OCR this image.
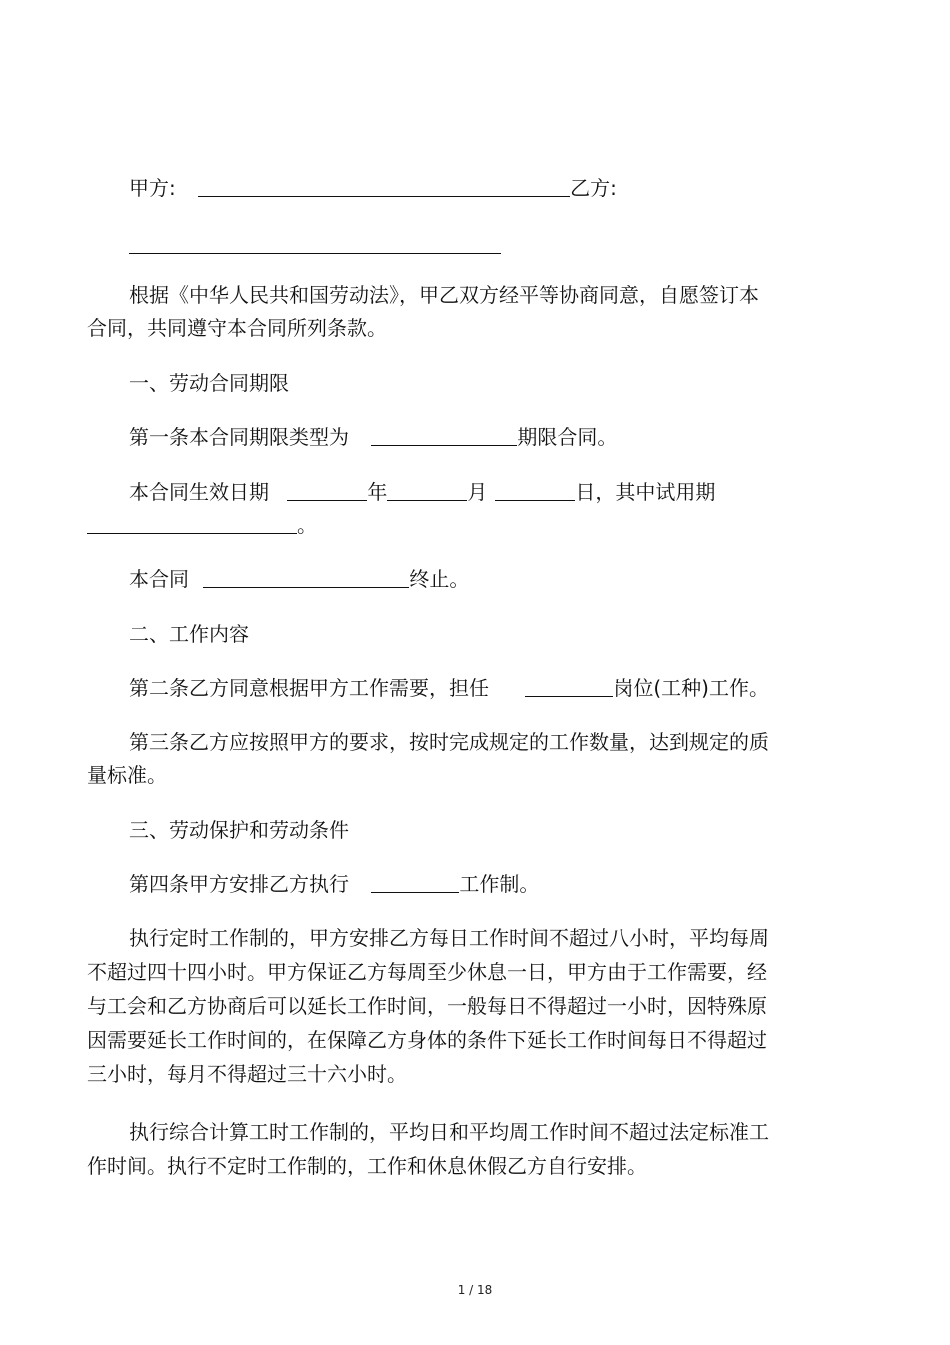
甲方:	乙方:
根据《中华人民共和国劳动法》，甲乙双方经平等协商同意，自愿签订本
合同，共同遵守本合同所列条款。
一、劳动合同期限
第一条本合同期限类型为	期限合同。
本合同生效日期	年	月	日，其中试用期
。
本合同	终止。
二、工作内容
第二条乙方同意根据甲方工作需要，担任	岗位(工种)工作。
第三条乙方应按照甲方的要求，按时完成规定的工作数量，达到规定的质
量标准。
三、劳动保护和劳动条件
第四条甲方安排乙方执行	工作制。
执行定时工作制的，甲方安排乙方每日工作时间不超过八小时，平均每周
不超过四十四小时。甲方保证乙方每周至少休息一日，甲方由于工作需要，经
与工会和乙方协商后可以延长工作时间，一般每日不得超过一小时，因特殊原
因需要延长工作时间的，在保障乙方身体的条件下延长工作时间每日不得超过
三小时，每月不得超过三十六小时。
执行综合计算工时工作制的，平均日和平均周工作时间不超过法定标准工
作时间。执行不定时工作制的，工作和休息休假乙方自行安排。
1 / 18
